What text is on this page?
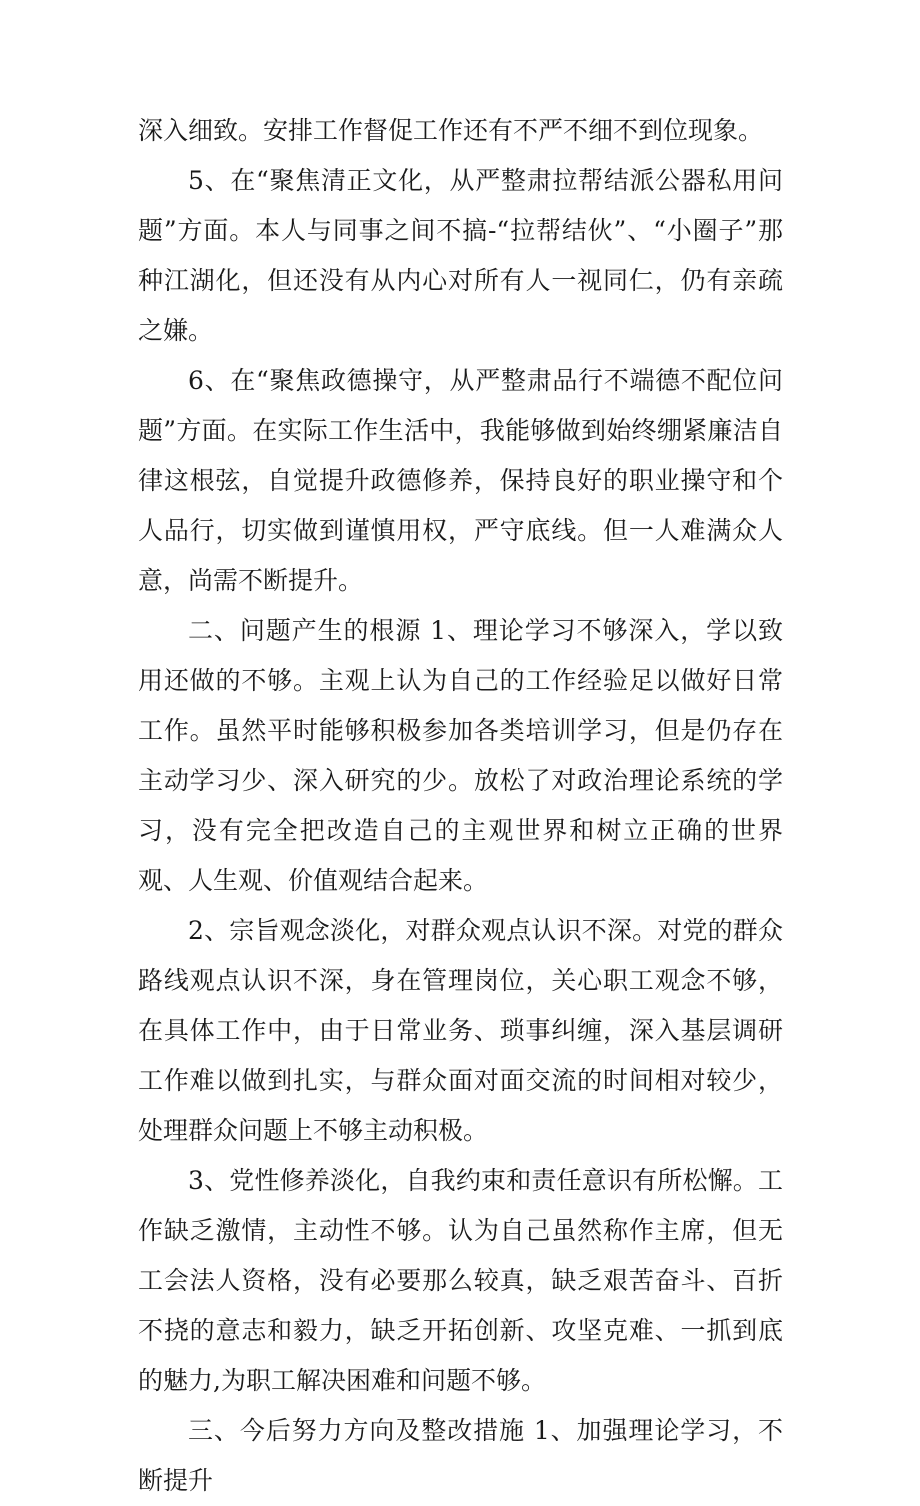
深入细致。安排工作督促工作还有不严不细不到位现象。

5、在“聚焦清正文化，从严整肃拉帮结派公器私用问题”方面。本人与同事之间不搞-“拉帮结伙”、“小圈子”那种江湖化，但还没有从内心对所有人一视同仁，仍有亲疏之嫌。

6、在“聚焦政德操守，从严整肃品行不端德不配位问题”方面。在实际工作生活中，我能够做到始终绷紧廉洁自律这根弦，自觉提升政德修养，保持良好的职业操守和个人品行，切实做到谨慎用权，严守底线。但一人难满众人意，尚需不断提升。

二、问题产生的根源 1、理论学习不够深入，学以致用还做的不够。主观上认为自己的工作经验足以做好日常工作。虽然平时能够积极参加各类培训学习，但是仍存在主动学习少、深入研究的少。放松了对政治理论系统的学习，没有完全把改造自己的主观世界和树立正确的世界观、人生观、价值观结合起来。

2、宗旨观念淡化，对群众观点认识不深。对党的群众路线观点认识不深，身在管理岗位，关心职工观念不够，在具体工作中，由于日常业务、琐事纠缠，深入基层调研工作难以做到扎实，与群众面对面交流的时间相对较少，处理群众问题上不够主动积极。

3、党性修养淡化，自我约束和责任意识有所松懈。工作缺乏激情，主动性不够。认为自己虽然称作主席，但无工会法人资格，没有必要那么较真，缺乏艰苦奋斗、百折不挠的意志和毅力，缺乏开拓创新、攻坚克难、一抓到底的魅力,为职工解决困难和问题不够。

三、今后努力方向及整改措施 1、加强理论学习，不断提升
